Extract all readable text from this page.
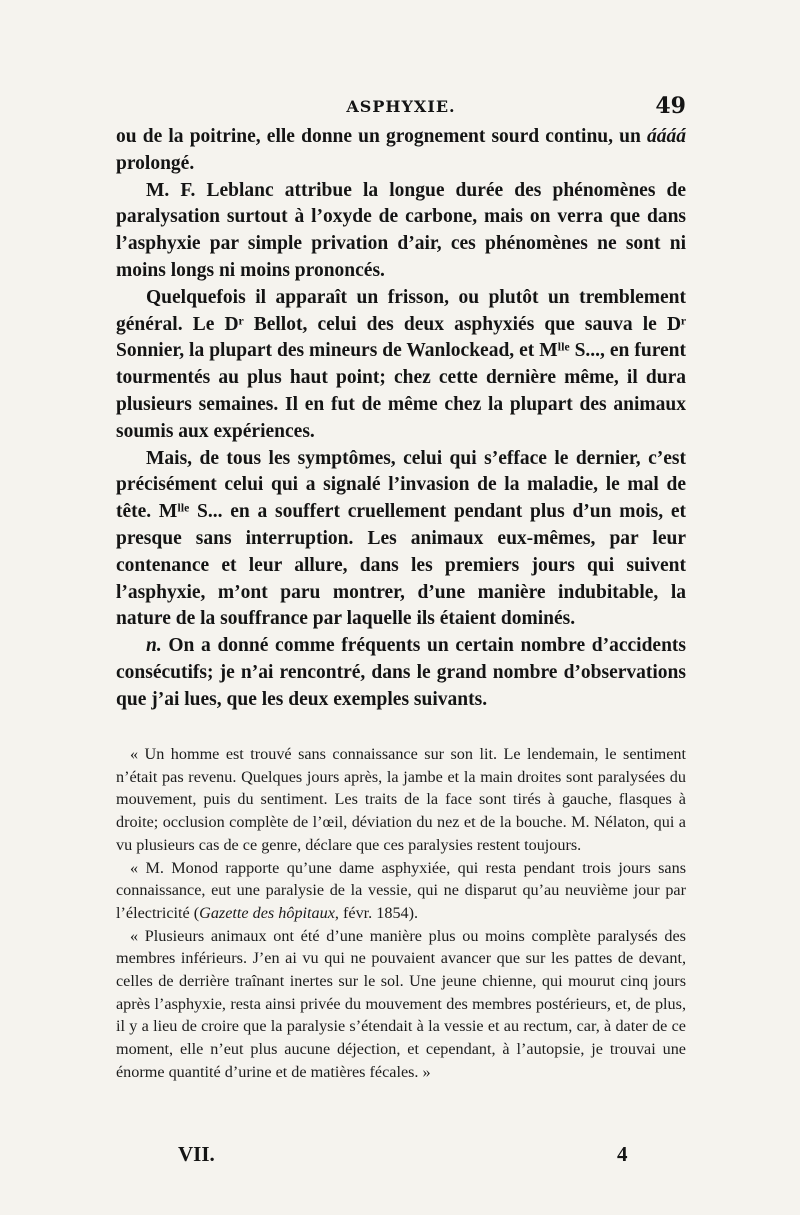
ASPHYXIE.	49

ou de la poitrine, elle donne un grognement sourd continu, un áááá prolongé.

M. F. Leblanc attribue la longue durée des phénomènes de paralysation surtout à l’oxyde de carbone, mais on verra que dans l’asphyxie par simple privation d’air, ces phénomènes ne sont ni moins longs ni moins prononcés.

Quelquefois il apparaît un frisson, ou plutôt un tremblement général. Le Dʳ Bellot, celui des deux asphyxiés que sauva le Dʳ Sonnier, la plupart des mineurs de Wanlockead, et Mˡˡᵉ S..., en furent tourmentés au plus haut point; chez cette dernière même, il dura plusieurs semaines. Il en fut de même chez la plupart des animaux soumis aux expériences.

Mais, de tous les symptômes, celui qui s’efface le dernier, c’est précisément celui qui a signalé l’invasion de la maladie, le mal de tête. Mˡˡᵉ S... en a souffert cruellement pendant plus d’un mois, et presque sans interruption. Les animaux eux-mêmes, par leur contenance et leur allure, dans les premiers jours qui suivent l’asphyxie, m’ont paru montrer, d’une manière indubitable, la nature de la souffrance par laquelle ils étaient dominés.

n. On a donné comme fréquents un certain nombre d’accidents consécutifs; je n’ai rencontré, dans le grand nombre d’observations que j’ai lues, que les deux exemples suivants.

« Un homme est trouvé sans connaissance sur son lit. Le lendemain, le sentiment n’était pas revenu. Quelques jours après, la jambe et la main droites sont paralysées du mouvement, puis du sentiment. Les traits de la face sont tirés à gauche, flasques à droite; occlusion complète de l’œil, déviation du nez et de la bouche. M. Nélaton, qui a vu plusieurs cas de ce genre, déclare que ces paralysies restent toujours.

« M. Monod rapporte qu’une dame asphyxiée, qui resta pendant trois jours sans connaissance, eut une paralysie de la vessie, qui ne disparut qu’au neuvième jour par l’électricité (Gazette des hôpitaux, févr. 1854).

« Plusieurs animaux ont été d’une manière plus ou moins complète paralysés des membres inférieurs. J’en ai vu qui ne pouvaient avancer que sur les pattes de devant, celles de derrière traînant inertes sur le sol. Une jeune chienne, qui mourut cinq jours après l’asphyxie, resta ainsi privée du mouvement des membres postérieurs, et, de plus, il y a lieu de croire que la paralysie s’étendait à la vessie et au rectum, car, à dater de ce moment, elle n’eut plus aucune déjection, et cependant, à l’autopsie, je trouvai une énorme quantité d’urine et de matières fécales. »

VII.	4
